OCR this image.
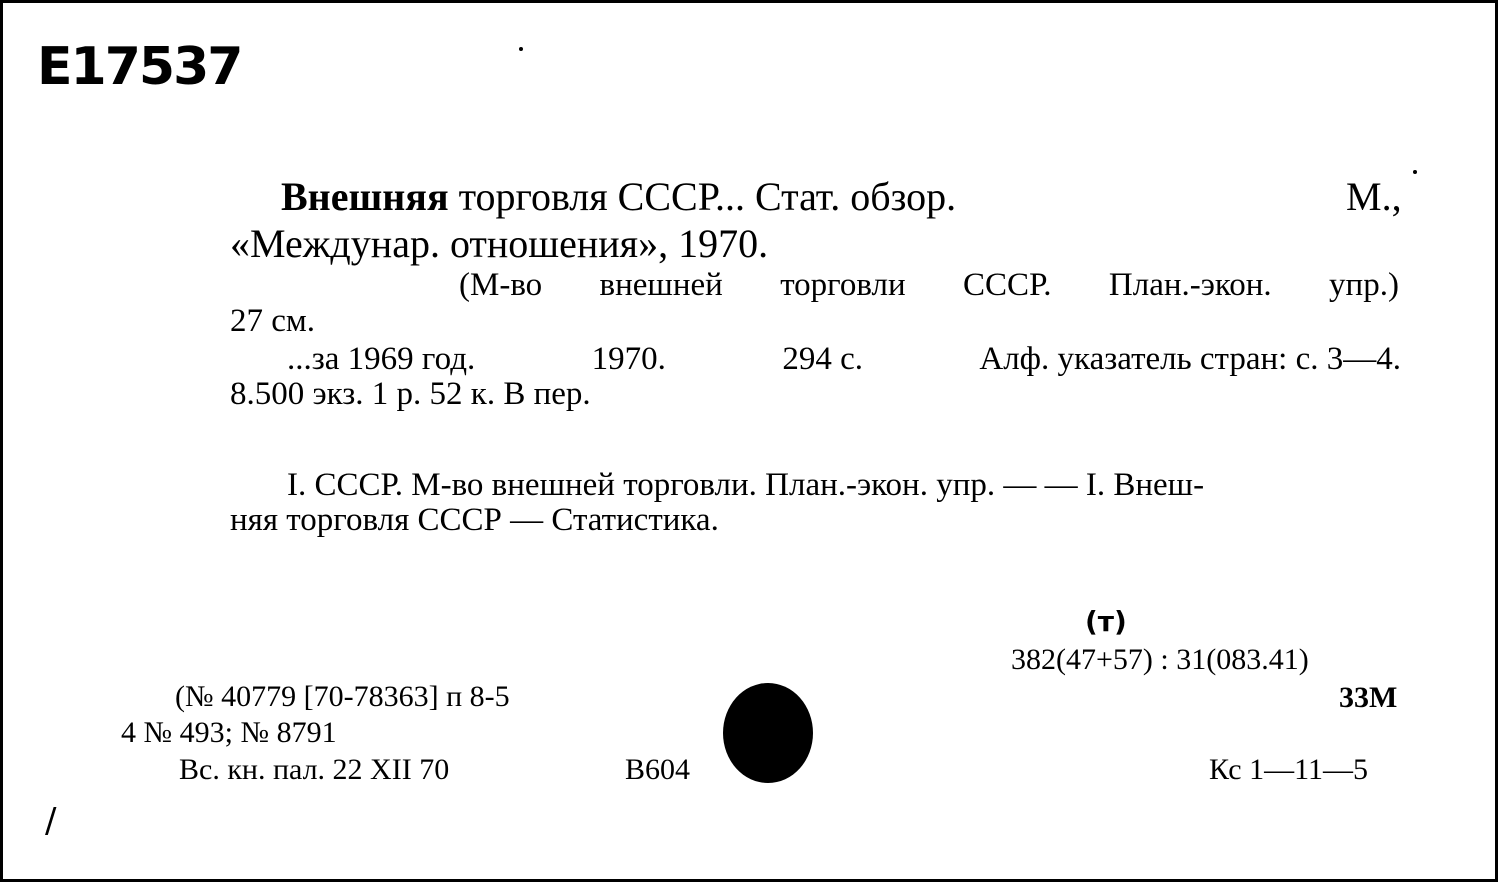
Е17537
Внешняя торговля СССР... Стат. обзор.	М.,
«Междунар. отношения», 1970.
(М-во внешней торговли СССР. План.-экон. упр.)
27 см.
...за 1969 год.	1970.	294 с.	Алф. указатель стран: с. 3—4.
8.500 экз. 1 р. 52 к. В пер.
I. СССР. М-во внешней торговли. План.-экон. упр. — — I. Внеш-
няя торговля СССР — Статистика.
(т)
382(47+57) : 31(083.41)
33М
Кс 1—11—5
(№ 40779 [70-78363] п 8-5
4 № 493; № 8791
Вс. кн. пал. 22 XII 70	В604
/
